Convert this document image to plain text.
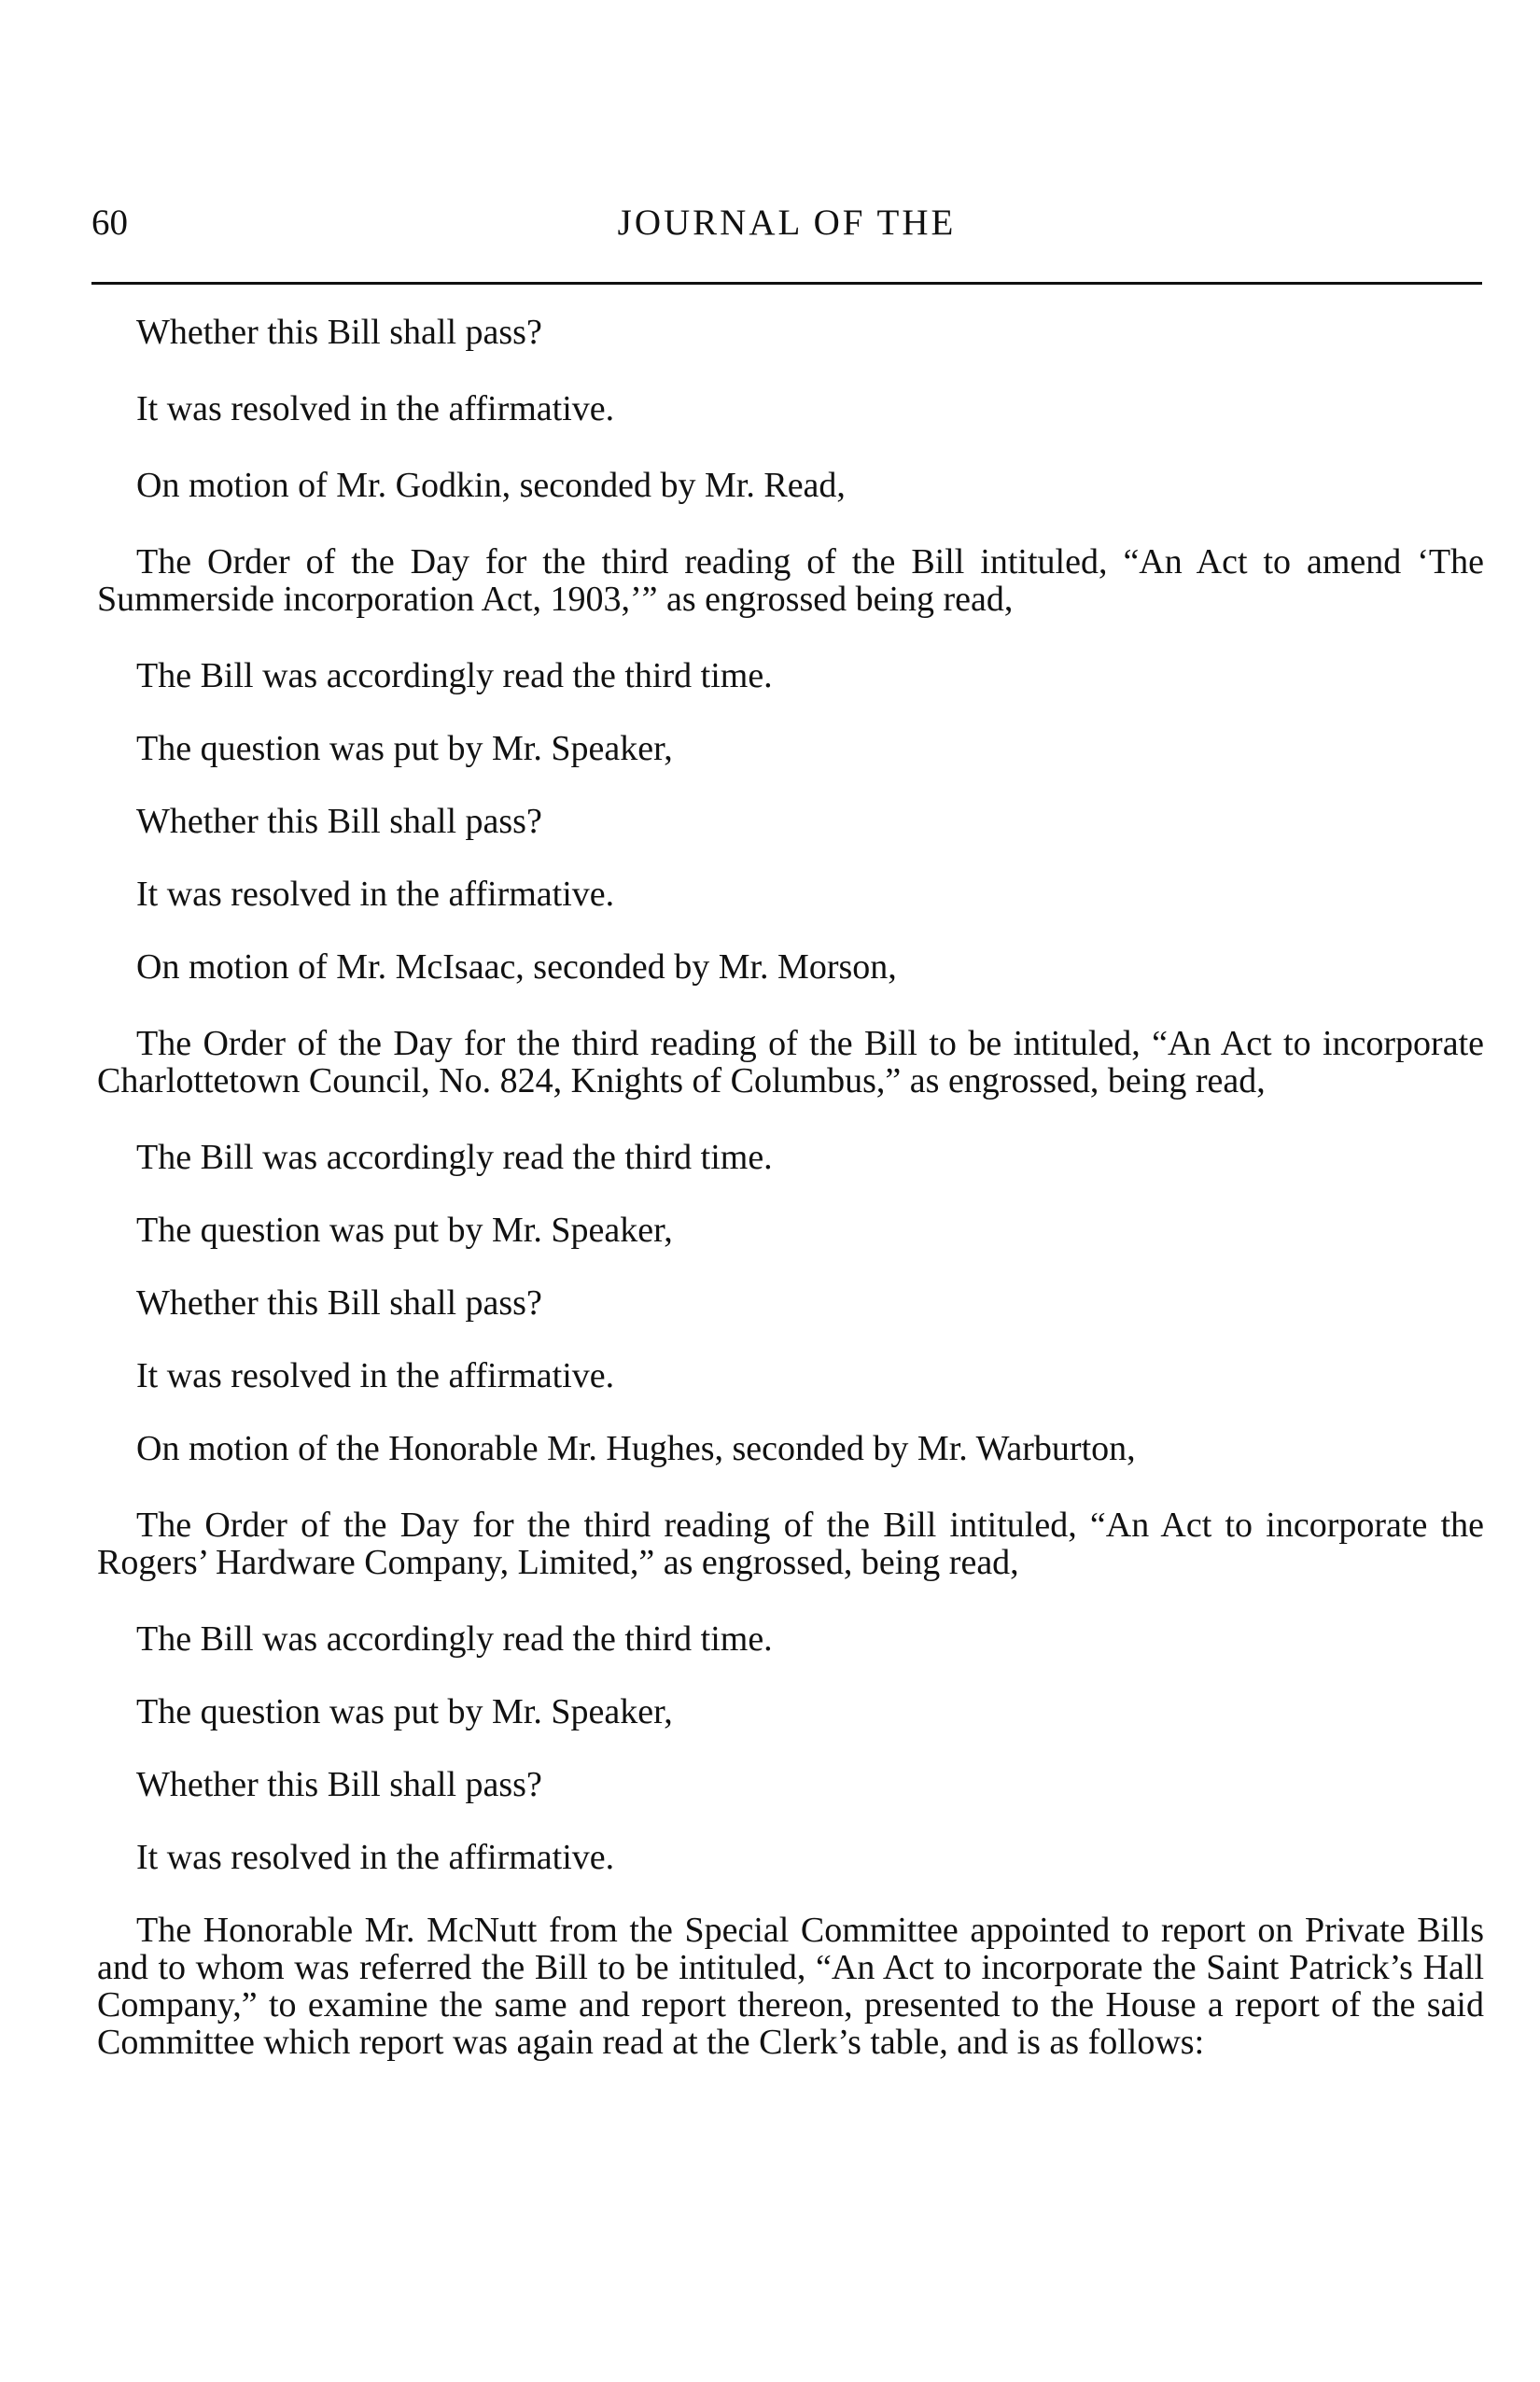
60	JOURNAL OF THE

Whether this Bill shall pass?

It was resolved in the affirmative.

On motion of Mr. Godkin, seconded by Mr. Read,

The Order of the Day for the third reading of the Bill intituled, “An Act to amend ‘The Summerside incorporation Act, 1903,’” as engrossed being read,

The Bill was accordingly read the third time.

The question was put by Mr. Speaker,

Whether this Bill shall pass?

It was resolved in the affirmative.

On motion of Mr. McIsaac, seconded by Mr. Morson,

The Order of the Day for the third reading of the Bill to be intituled, “An Act to incorporate Charlottetown Council, No. 824, Knights of Columbus,” as engrossed, being read,

The Bill was accordingly read the third time.

The question was put by Mr. Speaker,

Whether this Bill shall pass?

It was resolved in the affirmative.

On motion of the Honorable Mr. Hughes, seconded by Mr. Warburton,

The Order of the Day for the third reading of the Bill intituled, “An Act to incorporate the Rogers’ Hardware Company, Limited,” as engrossed, being read,

The Bill was accordingly read the third time.

The question was put by Mr. Speaker,

Whether this Bill shall pass?

It was resolved in the affirmative.

The Honorable Mr. McNutt from the Special Committee appointed to report on Private Bills and to whom was referred the Bill to be intituled, “An Act to incorporate the Saint Patrick’s Hall Company,” to examine the same and report thereon, presented to the House a report of the said Committee which report was again read at the Clerk’s table, and is as follows:
